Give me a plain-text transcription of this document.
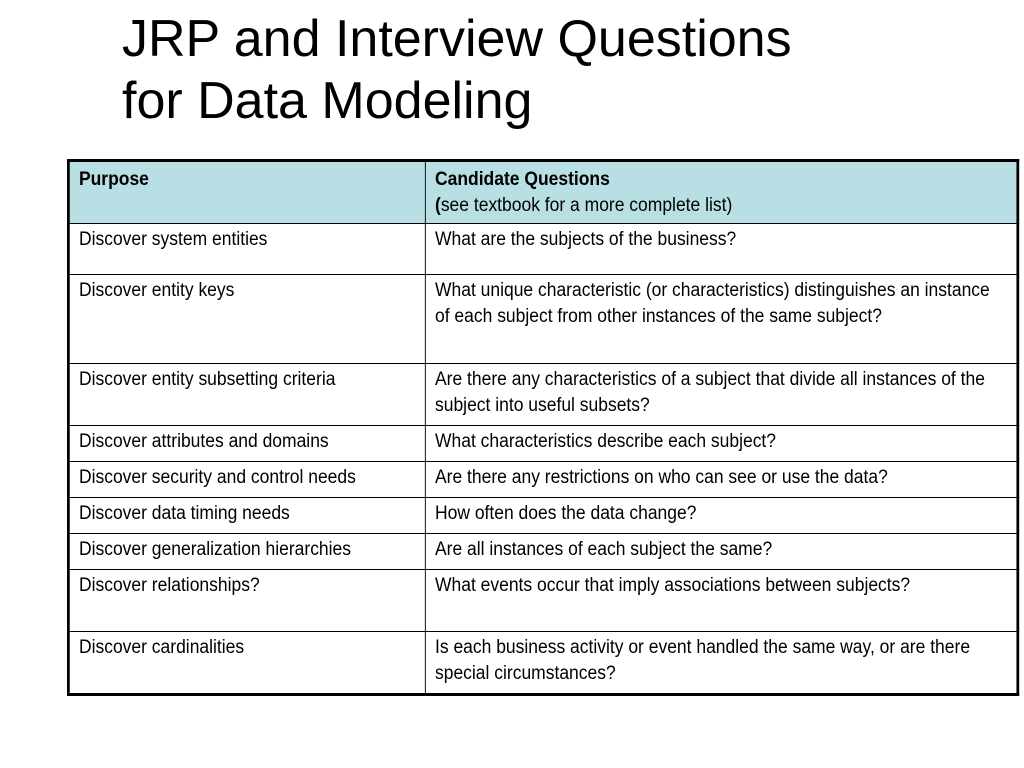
JRP and Interview Questions
for Data Modeling
Purpose	Candidate Questions
(see textbook for a more complete list)

Discover system entities	What are the subjects of the business?
Discover entity keys	What unique characteristic (or characteristics) distinguishes an instance of each subject from other instances of the same subject?
Discover entity subsetting criteria	Are there any characteristics of a subject that divide all instances of the subject into useful subsets?
Discover attributes and domains	What characteristics describe each subject?
Discover security and control needs	Are there any restrictions on who can see or use the data?
Discover data timing needs	How often does the data change?
Discover generalization hierarchies	Are all instances of each subject the same?
Discover relationships?	What events occur that imply associations between subjects?
Discover cardinalities	Is each business activity or event handled the same way, or are there special circumstances?
